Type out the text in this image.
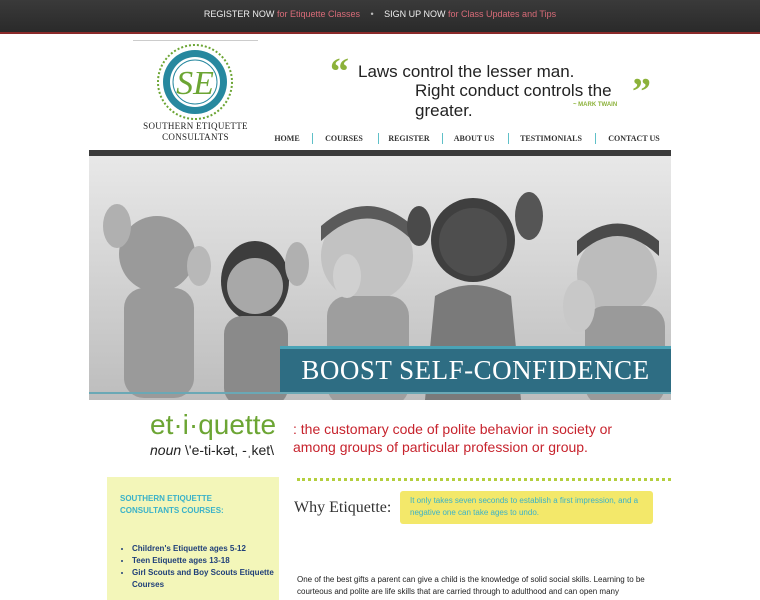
REGISTER NOW for Etiquette Classes • SIGN UP NOW for Class Updates and Tips
SE
SOUTHERN ETIQUETTE
CONSULTANTS
“ Laws control the lesser man.
Right conduct controls the greater.	”
~ MARK TWAIN
HOME	COURSES	REGISTER	ABOUT US	TESTIMONIALS	CONTACT US
BOOST SELF-CONFIDENCE
et·i·quette
noun \'e-ti-kət, -ˌket\
: the customary code of polite behavior in society or among groups of particular profession or group.
SOUTHERN ETIQUETTE CONSULTANTS COURSES:
• Children's Etiquette ages 5-12
• Teen Etiquette ages 13-18
• Girl Scouts and Boy Scouts Etiquette Courses
Why Etiquette: It only takes seven seconds to establish a first impression, and a negative one can take ages to undo.
One of the best gifts a parent can give a child is the knowledge of solid social skills. Learning to be courteous and polite are life skills that are carried through to adulthood and can open many
